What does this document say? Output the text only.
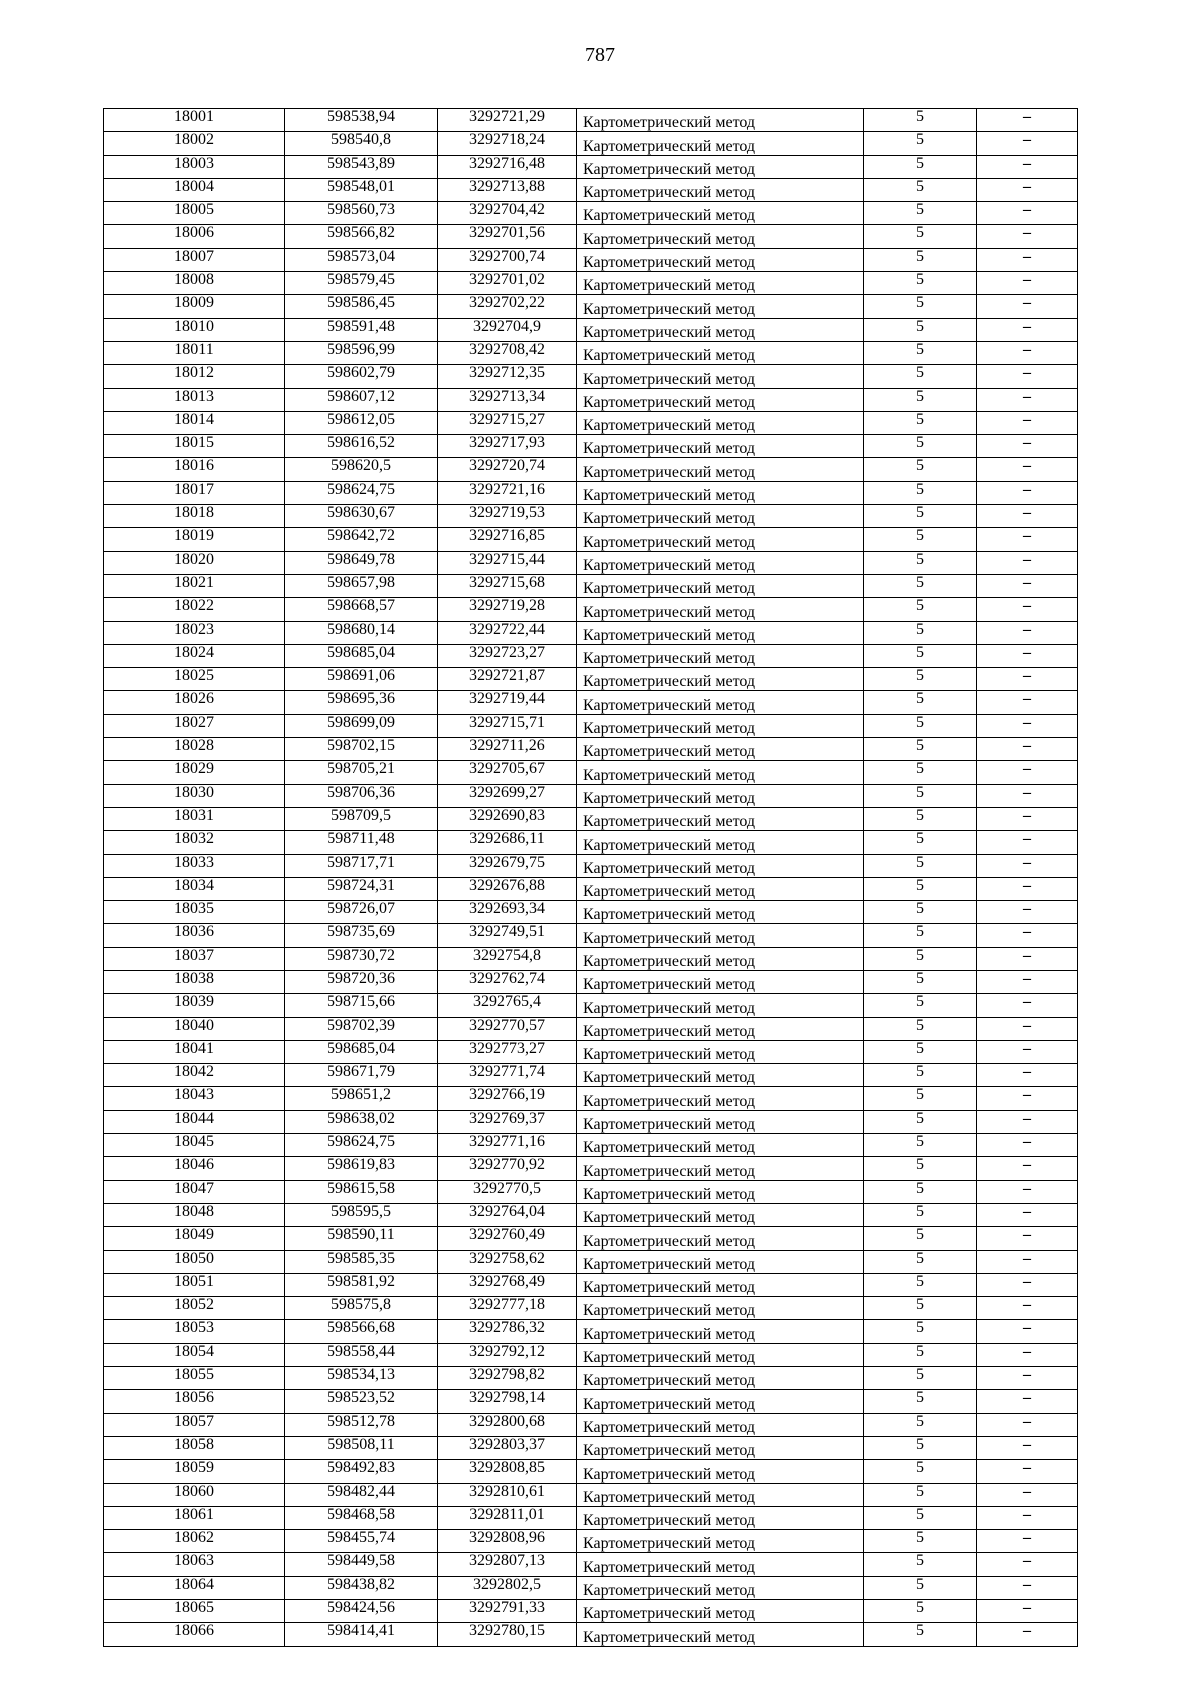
787
18001	598538,94	3292721,29	Картометрический метод	5	–
18002	598540,8	3292718,24	Картометрический метод	5	–
18003	598543,89	3292716,48	Картометрический метод	5	–
18004	598548,01	3292713,88	Картометрический метод	5	–
18005	598560,73	3292704,42	Картометрический метод	5	–
18006	598566,82	3292701,56	Картометрический метод	5	–
18007	598573,04	3292700,74	Картометрический метод	5	–
18008	598579,45	3292701,02	Картометрический метод	5	–
18009	598586,45	3292702,22	Картометрический метод	5	–
18010	598591,48	3292704,9	Картометрический метод	5	–
18011	598596,99	3292708,42	Картометрический метод	5	–
18012	598602,79	3292712,35	Картометрический метод	5	–
18013	598607,12	3292713,34	Картометрический метод	5	–
18014	598612,05	3292715,27	Картометрический метод	5	–
18015	598616,52	3292717,93	Картометрический метод	5	–
18016	598620,5	3292720,74	Картометрический метод	5	–
18017	598624,75	3292721,16	Картометрический метод	5	–
18018	598630,67	3292719,53	Картометрический метод	5	–
18019	598642,72	3292716,85	Картометрический метод	5	–
18020	598649,78	3292715,44	Картометрический метод	5	–
18021	598657,98	3292715,68	Картометрический метод	5	–
18022	598668,57	3292719,28	Картометрический метод	5	–
18023	598680,14	3292722,44	Картометрический метод	5	–
18024	598685,04	3292723,27	Картометрический метод	5	–
18025	598691,06	3292721,87	Картометрический метод	5	–
18026	598695,36	3292719,44	Картометрический метод	5	–
18027	598699,09	3292715,71	Картометрический метод	5	–
18028	598702,15	3292711,26	Картометрический метод	5	–
18029	598705,21	3292705,67	Картометрический метод	5	–
18030	598706,36	3292699,27	Картометрический метод	5	–
18031	598709,5	3292690,83	Картометрический метод	5	–
18032	598711,48	3292686,11	Картометрический метод	5	–
18033	598717,71	3292679,75	Картометрический метод	5	–
18034	598724,31	3292676,88	Картометрический метод	5	–
18035	598726,07	3292693,34	Картометрический метод	5	–
18036	598735,69	3292749,51	Картометрический метод	5	–
18037	598730,72	3292754,8	Картометрический метод	5	–
18038	598720,36	3292762,74	Картометрический метод	5	–
18039	598715,66	3292765,4	Картометрический метод	5	–
18040	598702,39	3292770,57	Картометрический метод	5	–
18041	598685,04	3292773,27	Картометрический метод	5	–
18042	598671,79	3292771,74	Картометрический метод	5	–
18043	598651,2	3292766,19	Картометрический метод	5	–
18044	598638,02	3292769,37	Картометрический метод	5	–
18045	598624,75	3292771,16	Картометрический метод	5	–
18046	598619,83	3292770,92	Картометрический метод	5	–
18047	598615,58	3292770,5	Картометрический метод	5	–
18048	598595,5	3292764,04	Картометрический метод	5	–
18049	598590,11	3292760,49	Картометрический метод	5	–
18050	598585,35	3292758,62	Картометрический метод	5	–
18051	598581,92	3292768,49	Картометрический метод	5	–
18052	598575,8	3292777,18	Картометрический метод	5	–
18053	598566,68	3292786,32	Картометрический метод	5	–
18054	598558,44	3292792,12	Картометрический метод	5	–
18055	598534,13	3292798,82	Картометрический метод	5	–
18056	598523,52	3292798,14	Картометрический метод	5	–
18057	598512,78	3292800,68	Картометрический метод	5	–
18058	598508,11	3292803,37	Картометрический метод	5	–
18059	598492,83	3292808,85	Картометрический метод	5	–
18060	598482,44	3292810,61	Картометрический метод	5	–
18061	598468,58	3292811,01	Картометрический метод	5	–
18062	598455,74	3292808,96	Картометрический метод	5	–
18063	598449,58	3292807,13	Картометрический метод	5	–
18064	598438,82	3292802,5	Картометрический метод	5	–
18065	598424,56	3292791,33	Картометрический метод	5	–
18066	598414,41	3292780,15	Картометрический метод	5	–
